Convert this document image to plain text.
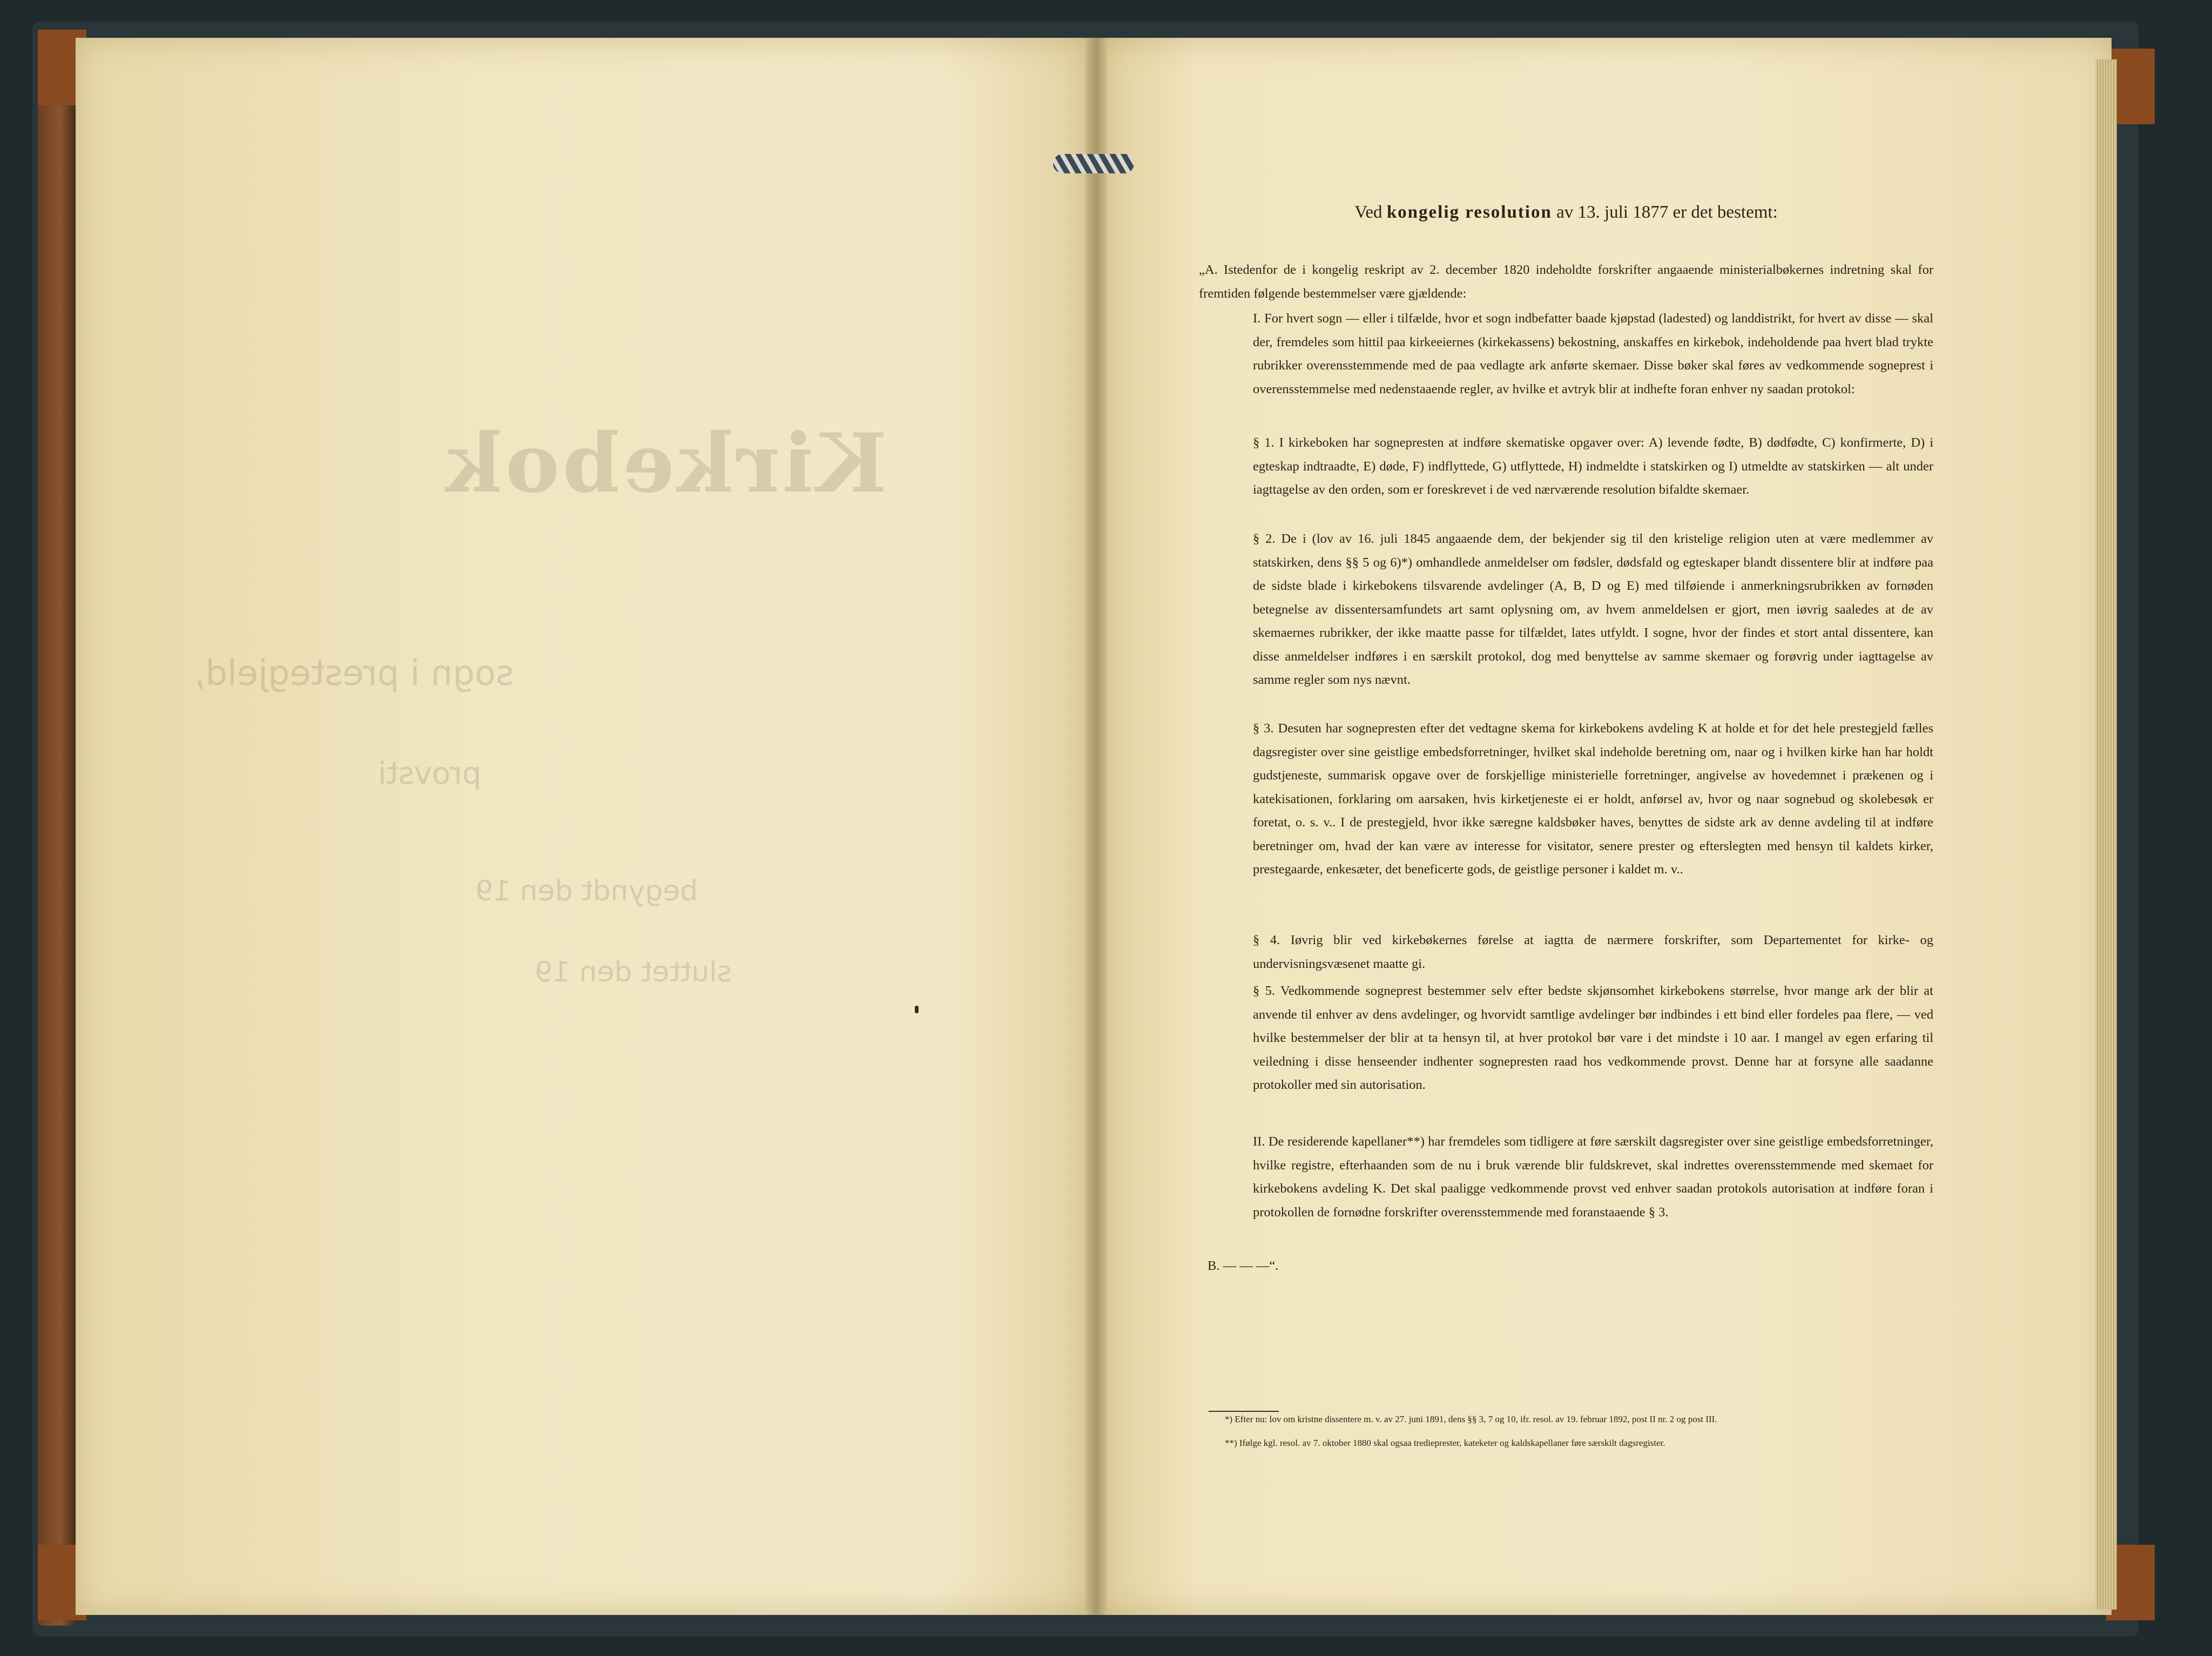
Kirkebok
sogn i prestegjeld,
provsti
begyndt den 19
sluttet den 19
Ved kongelig resolution av 13. juli 1877 er det bestemt:

„A. Istedenfor de i kongelig reskript av 2. december 1820 indeholdte forskrifter angaaende ministerialbøkernes indretning skal for fremtiden følgende bestemmelser være gjældende:

I. For hvert sogn — eller i tilfælde, hvor et sogn indbefatter baade kjøpstad (ladested) og landdistrikt, for hvert av disse — skal der, fremdeles som hittil paa kirkeeiernes (kirkekassens) bekostning, anskaffes en kirkebok, indeholdende paa hvert blad trykte rubrikker overensstemmende med de paa vedlagte ark anførte skemaer. Disse bøker skal føres av vedkommende sogneprest i overensstemmelse med nedenstaaende regler, av hvilke et avtryk blir at indhefte foran enhver ny saadan protokol:

§ 1. I kirkeboken har sognepresten at indføre skematiske opgaver over: A) levende fødte, B) dødfødte, C) konfirmerte, D) i egteskap indtraadte, E) døde, F) indflyttede, G) utflyttede, H) indmeldte i statskirken og I) utmeldte av statskirken — alt under iagttagelse av den orden, som er foreskrevet i de ved nærværende resolution bifaldte skemaer.

§ 2. De i (lov av 16. juli 1845 angaaende dem, der bekjender sig til den kristelige religion uten at være medlemmer av statskirken, dens §§ 5 og 6)*) omhandlede anmeldelser om fødsler, dødsfald og egteskaper blandt dissentere blir at indføre paa de sidste blade i kirkebokens tilsvarende avdelinger (A, B, D og E) med tilføiende i anmerkningsrubrikken av fornøden betegnelse av dissentersamfundets art samt oplysning om, av hvem anmeldelsen er gjort, men iøvrig saaledes at de av skemaernes rubrikker, der ikke maatte passe for tilfældet, lates utfyldt. I sogne, hvor der findes et stort antal dissentere, kan disse anmeldelser indføres i en særskilt protokol, dog med benyttelse av samme skemaer og forøvrig under iagttagelse av samme regler som nys nævnt.

§ 3. Desuten har sognepresten efter det vedtagne skema for kirkebokens avdeling K at holde et for det hele prestegjeld fælles dagsregister over sine geistlige embedsforretninger, hvilket skal indeholde beretning om, naar og i hvilken kirke han har holdt gudstjeneste, summarisk opgave over de forskjellige ministerielle forretninger, angivelse av hovedemnet i prækenen og i katekisationen, forklaring om aarsaken, hvis kirketjeneste ei er holdt, anførsel av, hvor og naar sognebud og skolebesøk er foretat, o. s. v.. I de prestegjeld, hvor ikke særegne kaldsbøker haves, benyttes de sidste ark av denne avdeling til at indføre beretninger om, hvad der kan være av interesse for visitator, senere prester og efterslegten med hensyn til kaldets kirker, prestegaarde, enkesæter, det beneficerte gods, de geistlige personer i kaldet m. v..

§ 4. Iøvrig blir ved kirkebøkernes førelse at iagtta de nærmere forskrifter, som Departementet for kirke- og undervisningsvæsenet maatte gi.

§ 5. Vedkommende sogneprest bestemmer selv efter bedste skjønsomhet kirkebokens størrelse, hvor mange ark der blir at anvende til enhver av dens avdelinger, og hvorvidt samtlige avdelinger bør indbindes i ett bind eller fordeles paa flere, — ved hvilke bestemmelser der blir at ta hensyn til, at hver protokol bør vare i det mindste i 10 aar. I mangel av egen erfaring til veiledning i disse henseender indhenter sognepresten raad hos vedkommende provst. Denne har at forsyne alle saadanne protokoller med sin autorisation.

II. De residerende kapellaner**) har fremdeles som tidligere at føre særskilt dagsregister over sine geistlige embedsforretninger, hvilke registre, efterhaanden som de nu i bruk værende blir fuldskrevet, skal indrettes overensstemmende med skemaet for kirkebokens avdeling K. Det skal paaligge vedkommende provst ved enhver saadan protokols autorisation at indføre foran i protokollen de fornødne forskrifter overensstemmende med foranstaaende § 3.

B. — — —“.

*) Efter nu: lov om kristne dissentere m. v. av 27. juni 1891, dens §§ 3, 7 og 10, ifr. resol. av 19. februar 1892, post II nr. 2 og post III.
**) Ifølge kgl. resol. av 7. oktober 1880 skal ogsaa tredieprester, kateketer og kaldskapellaner føre særskilt dagsregister.
